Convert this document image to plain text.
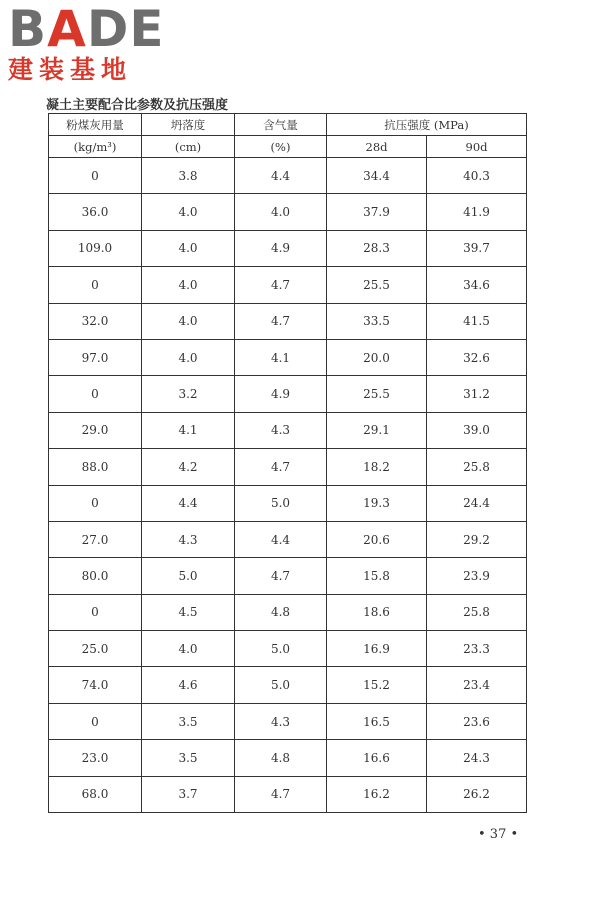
BADE
建装基地
凝土主要配合比参数及抗压强度
粉煤灰用量	坍落度	含气量	抗压强度 (MPa)	
(kg/m³)	(cm)	(%)	28d	90d
0	3.8	4.4	34.4	40.3
36.0	4.0	4.0	37.9	41.9
109.0	4.0	4.9	28.3	39.7
0	4.0	4.7	25.5	34.6
32.0	4.0	4.7	33.5	41.5
97.0	4.0	4.1	20.0	32.6
0	3.2	4.9	25.5	31.2
29.0	4.1	4.3	29.1	39.0
88.0	4.2	4.7	18.2	25.8
0	4.4	5.0	19.3	24.4
27.0	4.3	4.4	20.6	29.2
80.0	5.0	4.7	15.8	23.9
0	4.5	4.8	18.6	25.8
25.0	4.0	5.0	16.9	23.3
74.0	4.6	5.0	15.2	23.4
0	3.5	4.3	16.5	23.6
23.0	3.5	4.8	16.6	24.3
68.0	3.7	4.7	16.2	26.2
• 37 •
